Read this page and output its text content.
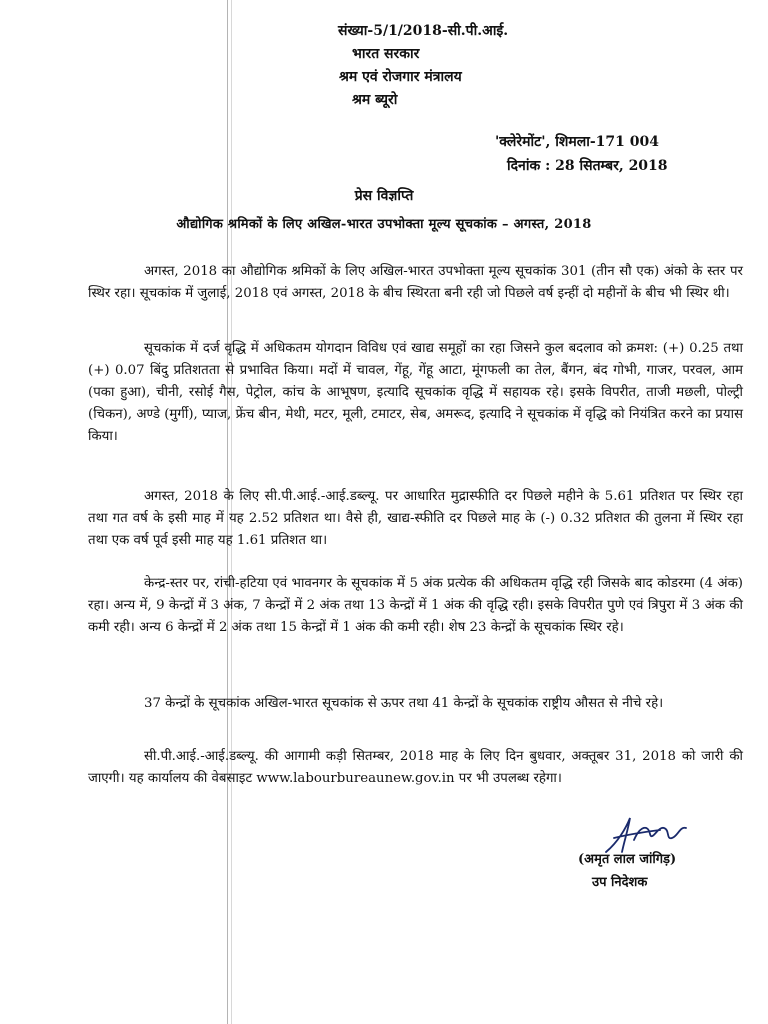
संख्या-5/1/2018-सी.पी.आई.
भारत सरकार
श्रम एवं रोजगार मंत्रालय
श्रम ब्यूरो
'क्लेरेमोंट', शिमला-171 004
दिनांक : 28 सितम्बर, 2018
प्रेस विज्ञप्ति
औद्योगिक श्रमिकों के लिए अखिल-भारत उपभोक्ता मूल्य सूचकांक – अगस्त, 2018

अगस्त, 2018 का औद्योगिक श्रमिकों के लिए अखिल-भारत उपभोक्ता मूल्य सूचकांक 301 (तीन सौ एक) अंको के स्तर पर स्थिर रहा। सूचकांक में जुलाई, 2018 एवं अगस्त, 2018 के बीच स्थिरता बनी रही जो पिछले वर्ष इन्हीं दो महीनों के बीच भी स्थिर थी।

सूचकांक में दर्ज वृद्धि में अधिकतम योगदान विविध एवं खाद्य समूहों का रहा जिसने कुल बदलाव को क्रमश: (+) 0.25 तथा (+) 0.07 बिंदु प्रतिशतता से प्रभावित किया। मदों में चावल, गेंहू, गेंहू आटा, मूंगफली का तेल, बैंगन, बंद गोभी, गाजर, परवल, आम (पका हुआ), चीनी, रसोई गैस, पेट्रोल, कांच के आभूषण, इत्यादि सूचकांक वृद्धि में सहायक रहे। इसके विपरीत, ताजी मछली, पोल्ट्री (चिकन), अण्डे (मुर्गी), प्याज, फ्रेंच बीन, मेथी, मटर, मूली, टमाटर, सेब, अमरूद, इत्यादि ने सूचकांक में वृद्धि को नियंत्रित करने का प्रयास किया।

अगस्त, 2018 के लिए सी.पी.आई.-आई.डब्ल्यू. पर आधारित मुद्रास्फीति दर पिछले महीने के 5.61 प्रतिशत पर स्थिर रहा तथा गत वर्ष के इसी माह में यह 2.52 प्रतिशत था। वैसे ही, खाद्य-स्फीति दर पिछले माह के (-) 0.32 प्रतिशत की तुलना में स्थिर रहा तथा एक वर्ष पूर्व इसी माह यह 1.61 प्रतिशत था।

केन्द्र-स्तर पर, रांची-हटिया एवं भावनगर के सूचकांक में 5 अंक प्रत्येक की अधिकतम वृद्धि रही जिसके बाद कोडरमा (4 अंक) रहा। अन्य में, 9 केन्द्रों में 3 अंक, 7 केन्द्रों में 2 अंक तथा 13 केन्द्रों में 1 अंक की वृद्धि रही। इसके विपरीत पुणे एवं त्रिपुरा में 3 अंक की कमी रही। अन्य 6 केन्द्रों में 2 अंक तथा 15 केन्द्रों में 1 अंक की कमी रही। शेष 23 केन्द्रों के सूचकांक स्थिर रहे।

37 केन्द्रों के सूचकांक अखिल-भारत सूचकांक से ऊपर तथा 41 केन्द्रों के सूचकांक राष्ट्रीय औसत से नीचे रहे।

सी.पी.आई.-आई.डब्ल्यू. की आगामी कड़ी सितम्बर, 2018 माह के लिए दिन बुधवार, अक्तूबर 31, 2018 को जारी की जाएगी। यह कार्यालय की वेबसाइट www.labourbureaunew.gov.in पर भी उपलब्ध रहेगा।

(अमृत लाल जांगिड़)
उप निदेशक
